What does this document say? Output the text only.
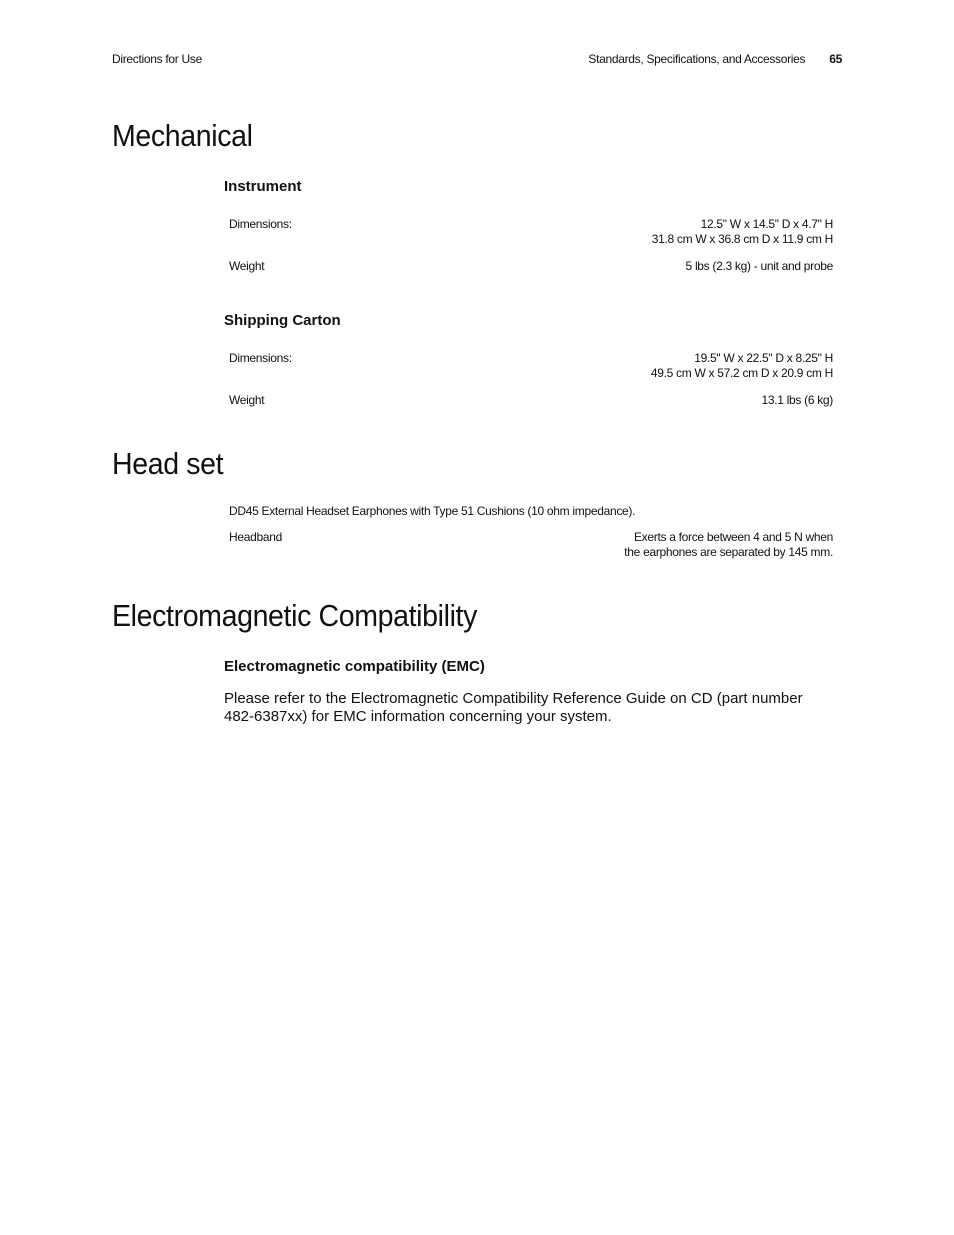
Directions for Use	Standards, Specifications, and Accessories 65
Mechanical
Instrument
Dimensions:	12.5" W x 14.5" D x 4.7" H
31.8 cm W x 36.8 cm D x 11.9 cm H
Weight	5 lbs (2.3 kg) - unit and probe
Shipping Carton
Dimensions:	19.5" W x 22.5" D x 8.25" H
49.5 cm W x 57.2 cm D x 20.9 cm H
Weight	13.1 lbs (6 kg)
Head set
DD45 External Headset Earphones with Type 51 Cushions (10 ohm impedance).
Headband	Exerts a force between 4 and 5 N when
the earphones are separated by 145 mm.
Electromagnetic Compatibility
Electromagnetic compatibility (EMC)
Please refer to the Electromagnetic Compatibility Reference Guide on CD (part number
482-6387xx) for EMC information concerning your system.
